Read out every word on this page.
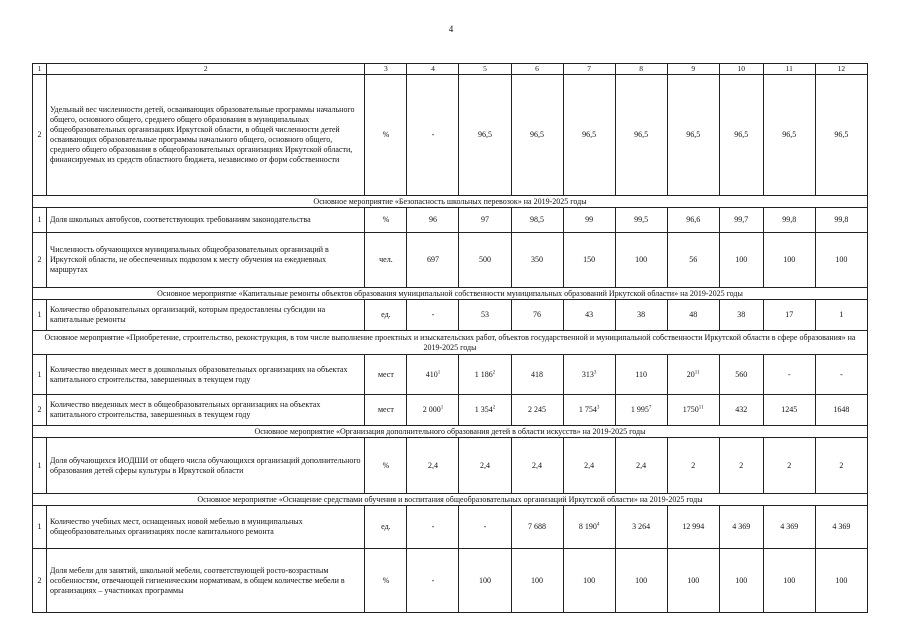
4
1	2	3	4	5	6	7	8	9	10	11	12
2	Удельный вес численности детей, осваивающих образовательные программы начального общего, основного общего, среднего общего образования в муниципальных общеобразовательных организациях Иркутской области, в общей численности детей осваивающих образовательные программы начального общего, основного общего, среднего общего образования в общеобразовательных организациях Иркутской области, финансируемых из средств областного бюджета, независимо от форм собственности	%	-	96,5	96,5	96,5	96,5	96,5	96,5	96,5	96,5
Основное мероприятие «Безопасность школьных перевозок» на 2019-2025 годы											
1	Доля школьных автобусов, соответствующих требованиям законодательства	%	96	97	98,5	99	99,5	96,6	99,7	99,8	99,8
2	Численность обучающихся муниципальных общеобразовательных организаций в Иркутской области, не обеспеченных подвозом к месту обучения на ежедневных маршрутах	чел.	697	500	350	150	100	56	100	100	100
Основное мероприятие «Капитальные ремонты объектов образования муниципальной собственности муниципальных образований Иркутской области» на 2019-2025 годы											
1	Количество образовательных организаций, которым предоставлены субсидии на капитальные ремонты	ед.	-	53	76	43	38	48	38	17	1
Основное мероприятие «Приобретение, строительство, реконструкция, в том числе выполнение проектных и изыскательских работ, объектов государственной и муниципальной собственности Иркутской области в сфере образования» на 2019-2025 годы											
1	Количество введенных мест в дошкольных образовательных организациях на объектах капитального строительства, завершенных в текущем году	мест	$410^1$	1 $186^2$	418	$313^3$	110	$20^{11}$	560	-	-
2	Количество введенных мест в общеобразовательных организациях на объектах капитального строительства, завершенных в текущем году	мест	2 $000^1$	1 $354^2$	2 245	1 $754^3$	1 $995^7$	1750$^{11}$	432	1245	1648
Основное мероприятие «Организация дополнительного образования детей в области искусств» на 2019-2025 годы											
1	Доля обучающихся ИОДШИ от общего числа обучающихся организаций дополнительного образования детей сферы культуры в Иркутской области	%	2,4	2,4	2,4	2,4	2,4	2	2	2	2
Основное мероприятие «Оснащение средствами обучения и воспитания общеобразовательных организаций Иркутской области» на 2019-2025 годы											
1	Количество учебных мест, оснащенных новой мебелью в муниципальных общеобразовательных организациях после капитального ремонта	ед.	-	-	7 688	8 $190^4$	3 264	12 994	4 369	4 369	4 369
2	Доля мебели для занятий, школьной мебели, соответствующей росто-возрастным особенностям, отвечающей гигиеническим нормативам, в общем количестве мебели в организациях – участниках программы	%	-	100	100	100	100	100	100	100	100
